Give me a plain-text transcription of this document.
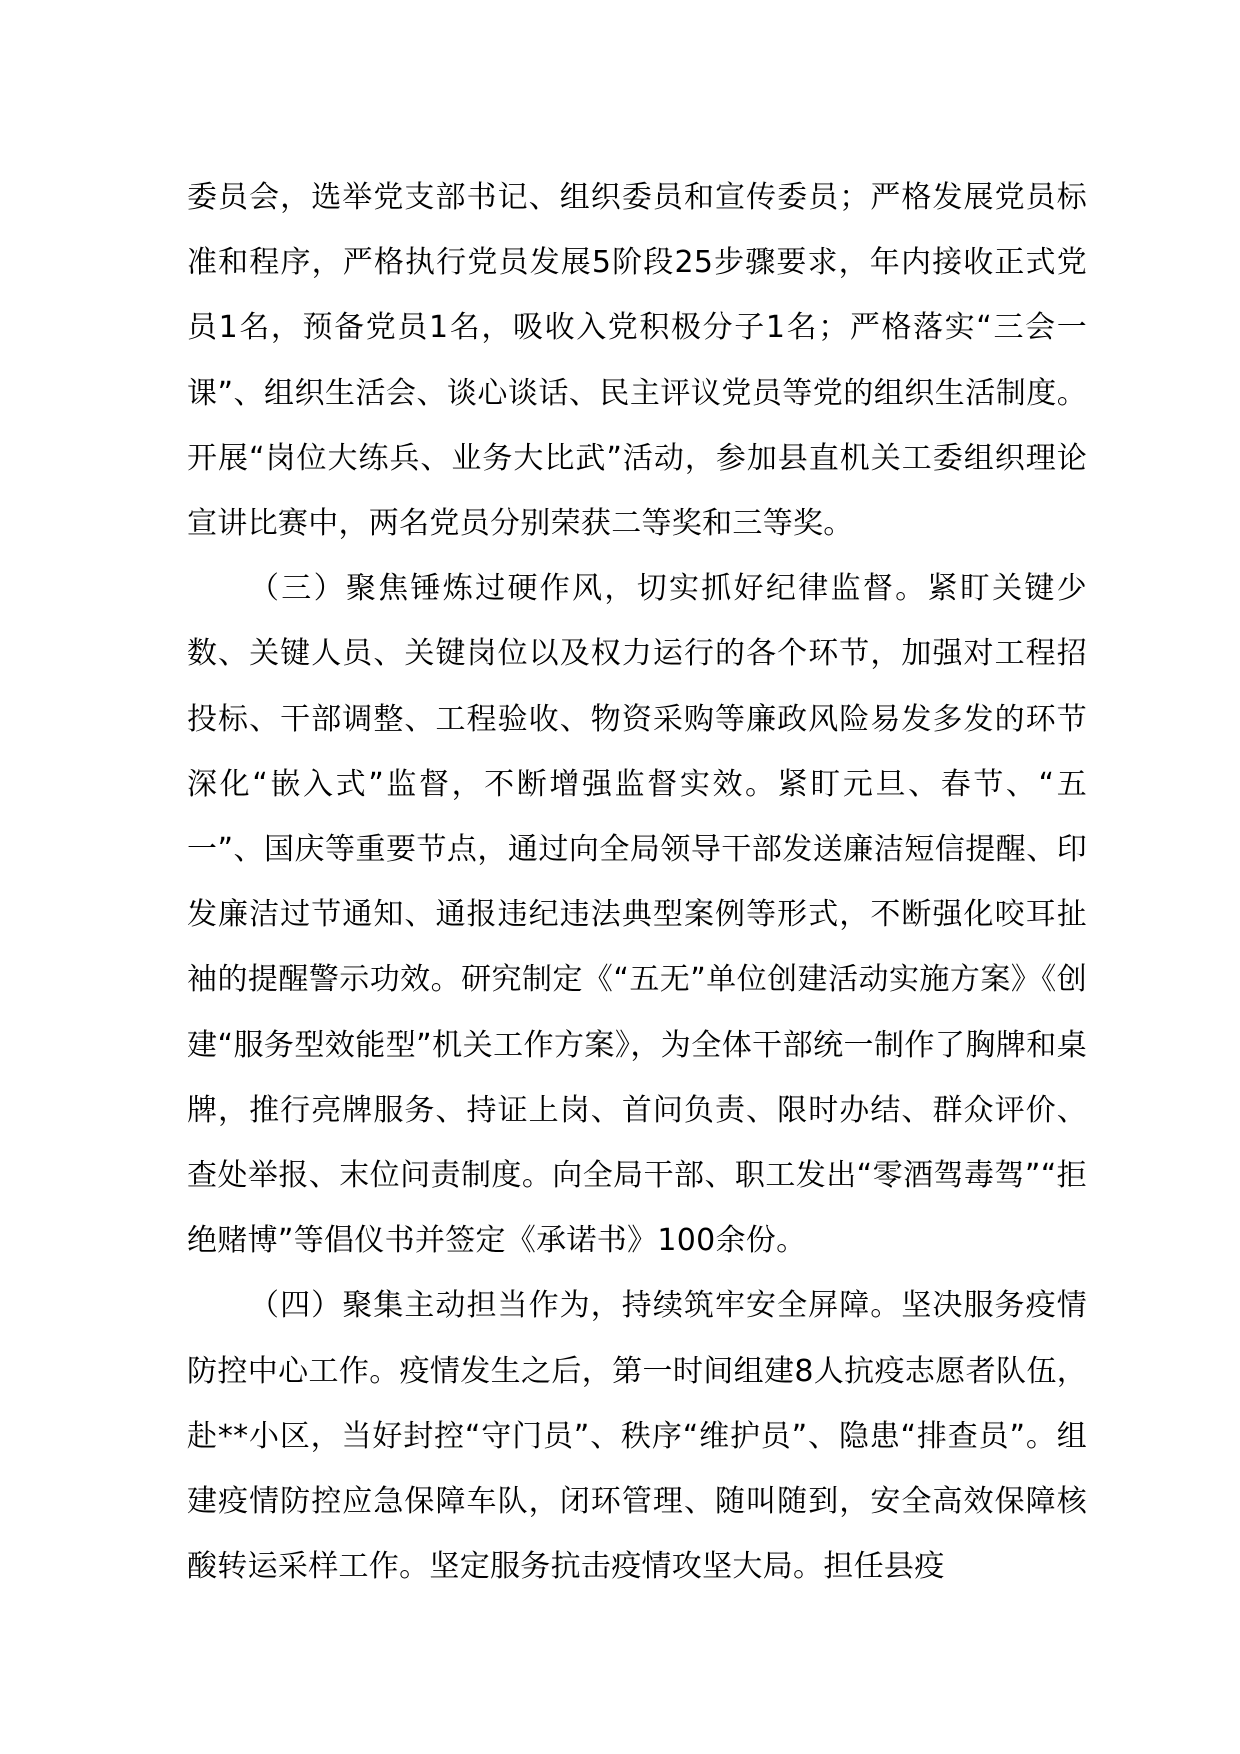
委员会，选举党支部书记、组织委员和宣传委员；严格发展党员标准和程序，严格执行党员发展5阶段25步骤要求，年内接收正式党员1名，预备党员1名，吸收入党积极分子1名；严格落实“三会一课”、组织生活会、谈心谈话、民主评议党员等党的组织生活制度。开展“岗位大练兵、业务大比武”活动，参加县直机关工委组织理论宣讲比赛中，两名党员分别荣获二等奖和三等奖。

（三）聚焦锤炼过硬作风，切实抓好纪律监督。紧盯关键少数、关键人员、关键岗位以及权力运行的各个环节，加强对工程招投标、干部调整、工程验收、物资采购等廉政风险易发多发的环节深化“嵌入式”监督，不断增强监督实效。紧盯元旦、春节、“五一”、国庆等重要节点，通过向全局领导干部发送廉洁短信提醒、印发廉洁过节通知、通报违纪违法典型案例等形式，不断强化咬耳扯袖的提醒警示功效。研究制定《“五无”单位创建活动实施方案》《创建“服务型效能型”机关工作方案》，为全体干部统一制作了胸牌和桌牌，推行亮牌服务、持证上岗、首问负责、限时办结、群众评价、查处举报、末位问责制度。向全局干部、职工发出“零酒驾毒驾”“拒绝赌博”等倡仪书并签定《承诺书》100余份。

（四）聚集主动担当作为，持续筑牢安全屏障。坚决服务疫情防控中心工作。疫情发生之后，第一时间组建8人抗疫志愿者队伍，赴**小区，当好封控“守门员”、秩序“维护员”、隐患“排查员”。组建疫情防控应急保障车队，闭环管理、随叫随到，安全高效保障核酸转运采样工作。坚定服务抗击疫情攻坚大局。担任县疫
